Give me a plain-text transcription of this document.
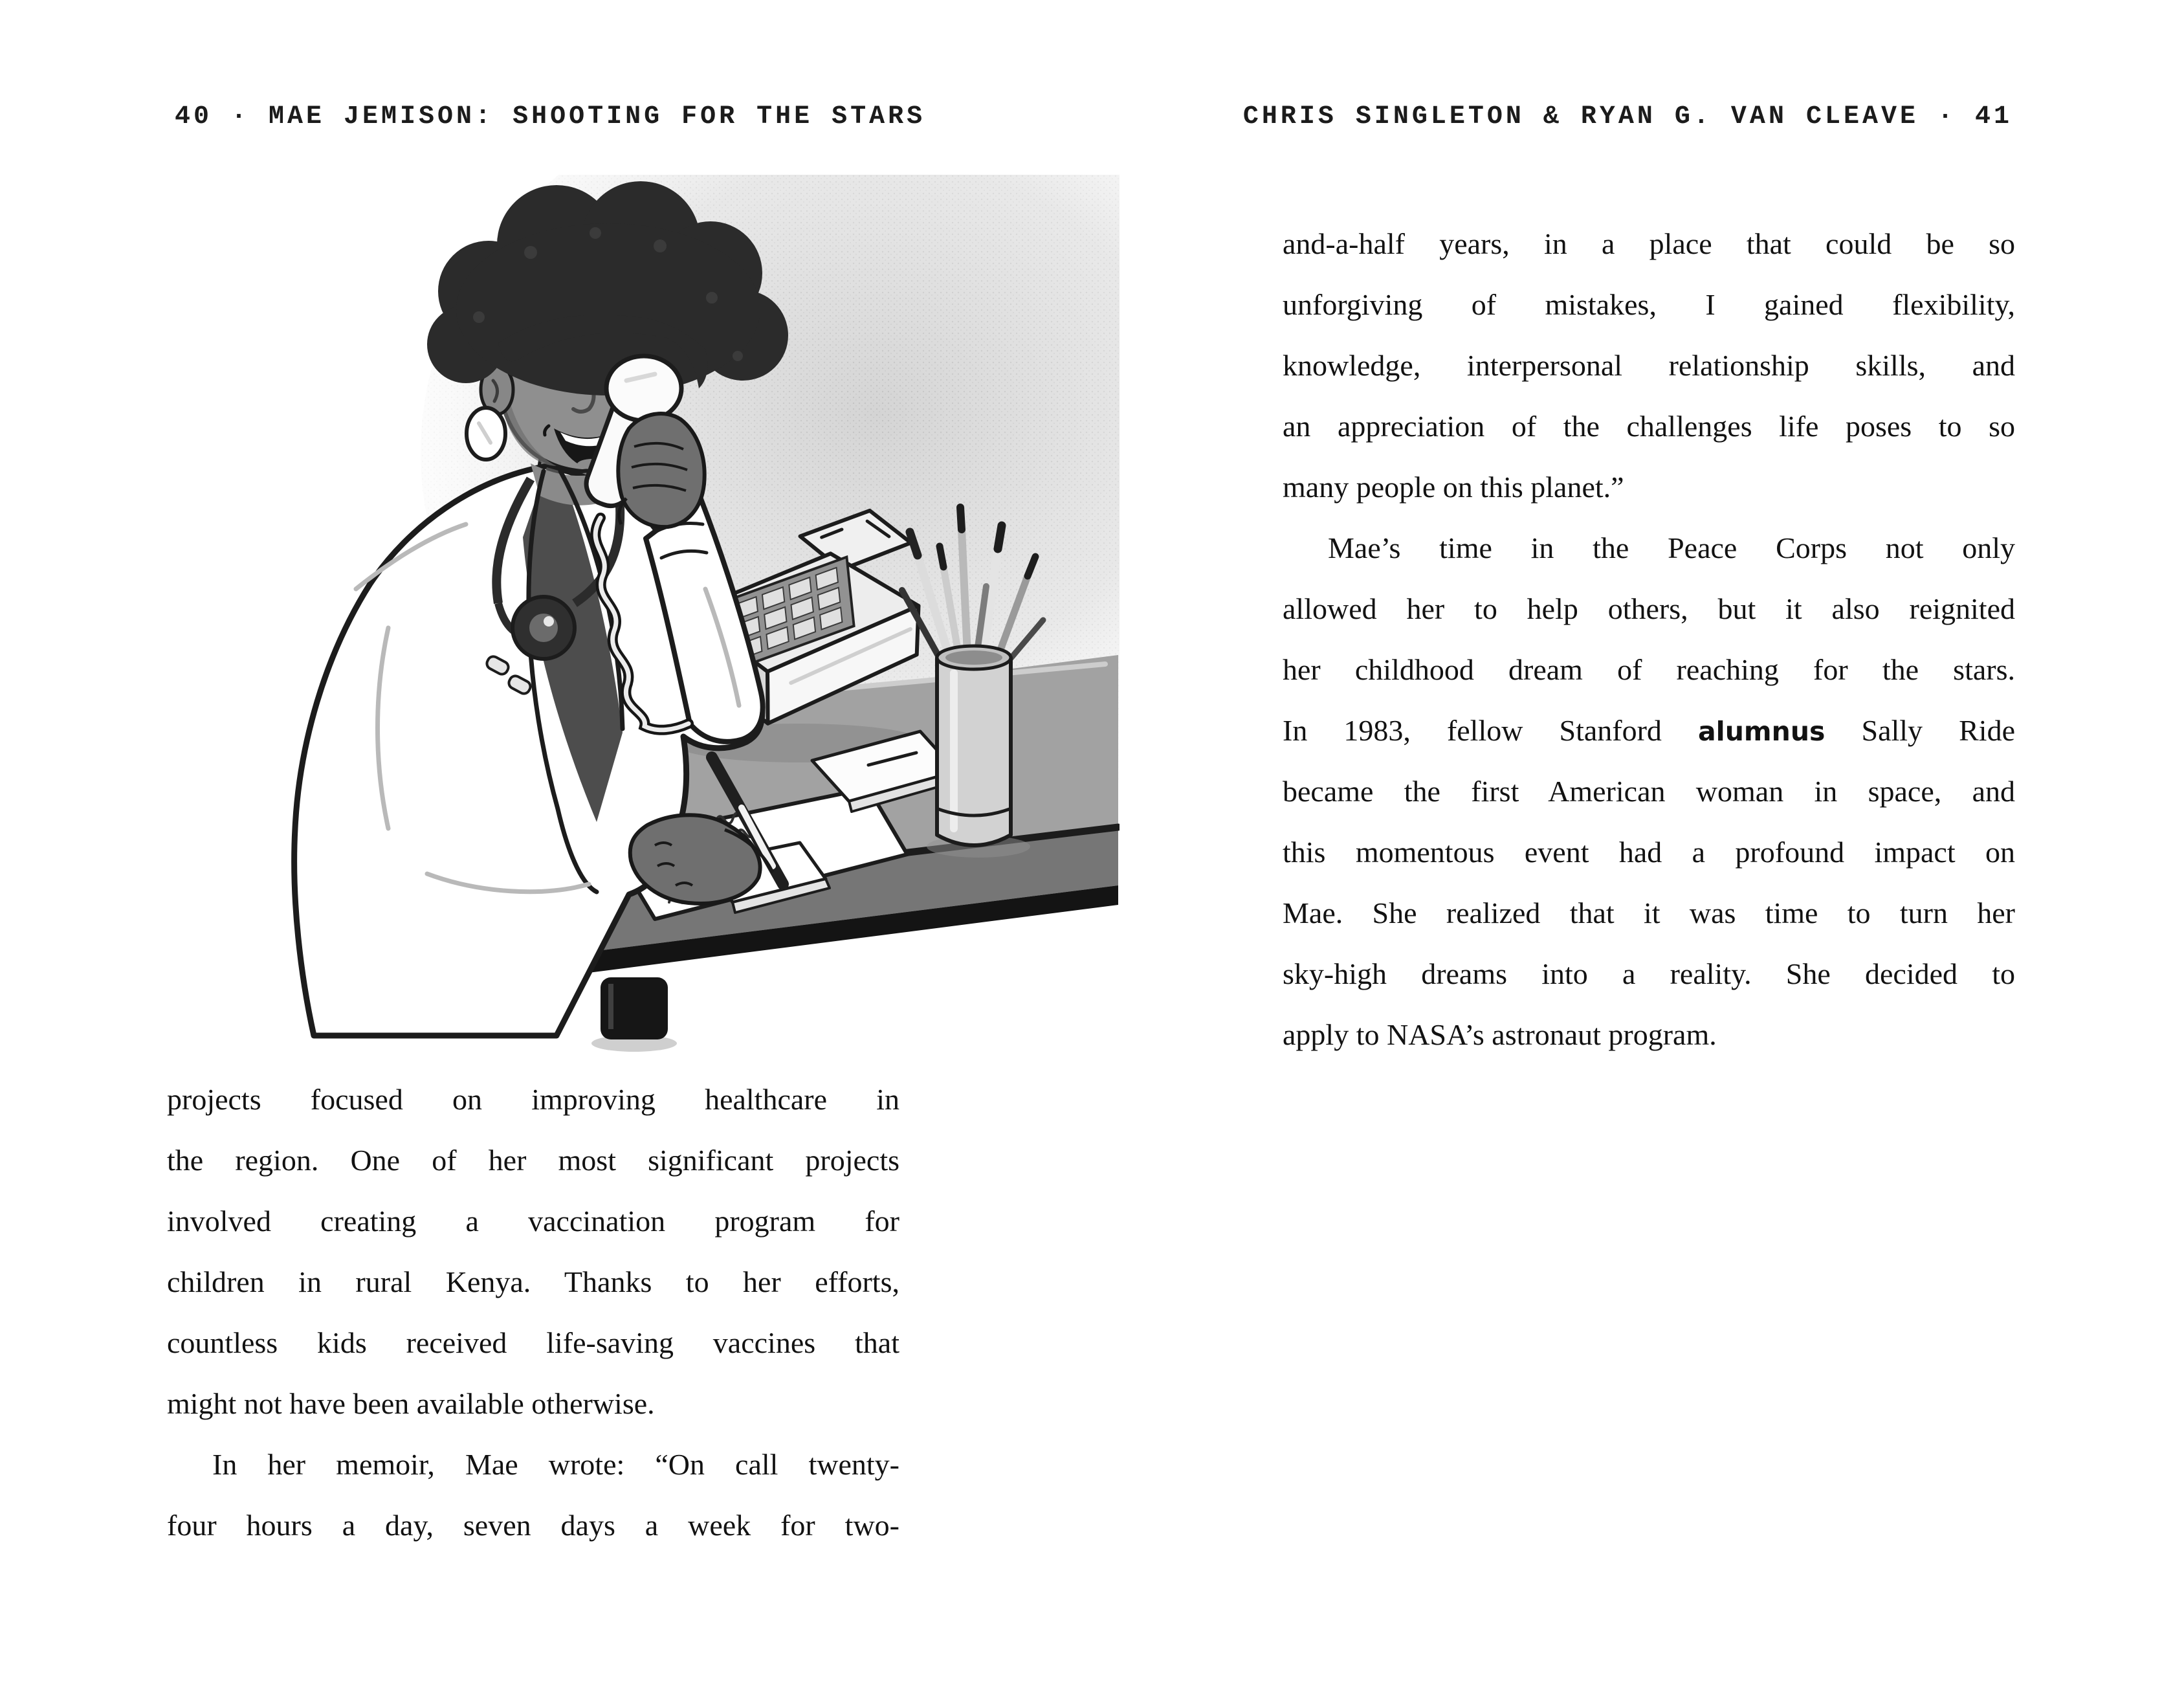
40 · MAE JEMISON: SHOOTING FOR THE STARS
projects focused on improving healthcare in
the region. One of her most significant projects
involved creating a vaccination program for
children in rural Kenya. Thanks to her efforts,
countless kids received life-saving vaccines that
might not have been available otherwise.
In her memoir, Mae wrote: “On call twenty-
four hours a day, seven days a week for two-
CHRIS SINGLETON & RYAN G. VAN CLEAVE · 41
and-a-half years, in a place that could be so
unforgiving of mistakes, I gained flexibility,
knowledge, interpersonal relationship skills, and
an appreciation of the challenges life poses to so
many people on this planet.”
Mae’s time in the Peace Corps not only
allowed her to help others, but it also reignited
her childhood dream of reaching for the stars.
In 1983, fellow Stanford alumnus Sally Ride
became the first American woman in space, and
this momentous event had a profound impact on
Mae. She realized that it was time to turn her
sky-high dreams into a reality. She decided to
apply to NASA’s astronaut program.
